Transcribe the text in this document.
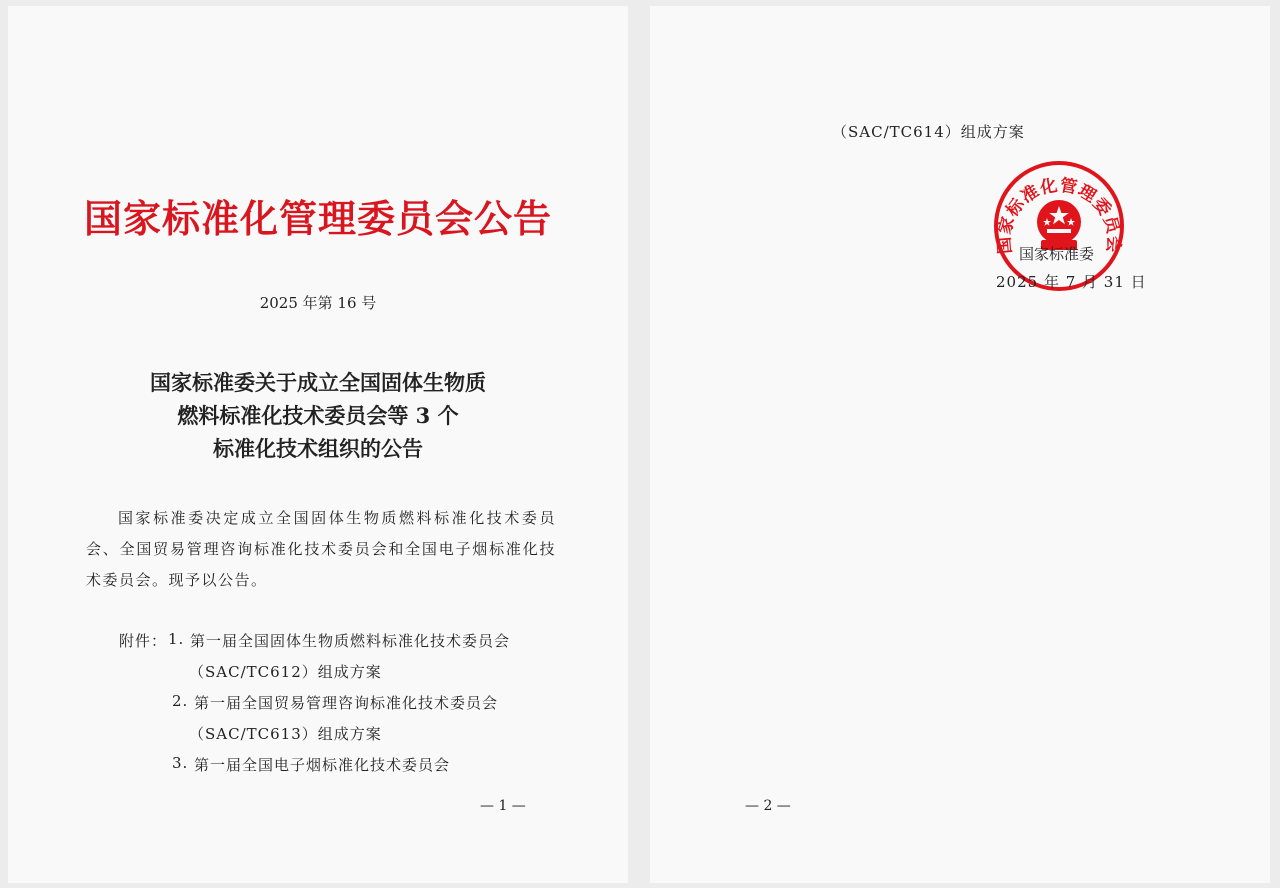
国家标准化管理委员会公告
2025 年第 16 号
国家标准委关于成立全国固体生物质
燃料标准化技术委员会等 3 个
标准化技术组织的公告
国家标准委决定成立全国固体生物质燃料标准化技术委员会、全国贸易管理咨询标准化技术委员会和全国电子烟标准化技术委员会。现予以公告。
附件： 1. 第一届全国固体生物质燃料标准化技术委员会
（SAC/TC612）组成方案
2. 第一届全国贸易管理咨询标准化技术委员会
（SAC/TC613）组成方案
3. 第一届全国电子烟标准化技术委员会
— 1 —
（SAC/TC614）组成方案
国家标准化管理委员会
国家标准委
2025 年 7 月 31 日
— 2 —
